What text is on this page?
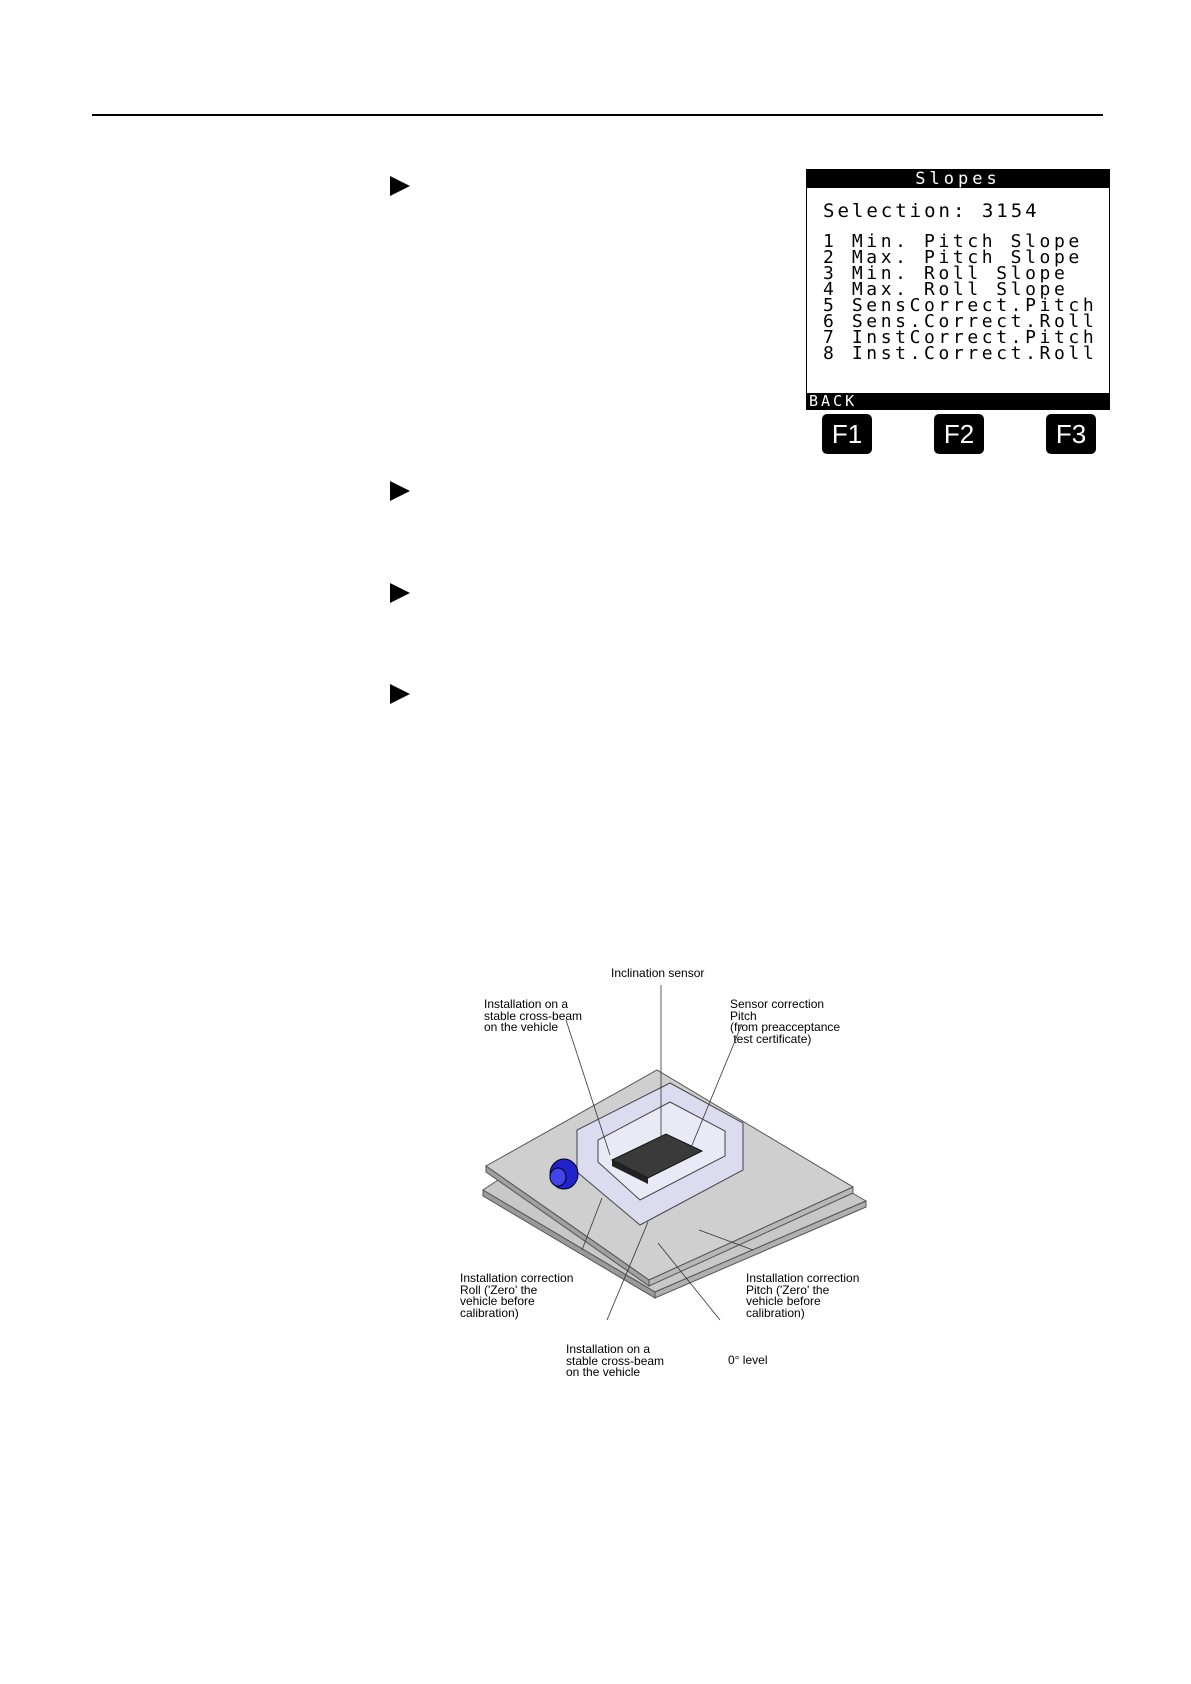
Slopes
Selection: 3154
1 Min. Pitch Slope
2 Max. Pitch Slope
3 Min. Roll Slope
4 Max. Roll Slope
5 SensCorrect.Pitch
6 Sens.Correct.Roll
7 InstCorrect.Pitch
8 Inst.Correct.Roll
BACK
F1	F2	F3
Inclination sensor
Installation on a
stable cross-beam
on the vehicle
Sensor correction
Pitch
(from preacceptance
test certificate)
Installation correction
Roll ('Zero' the
vehicle before
calibration)
Installation correction
Pitch ('Zero' the
vehicle before
calibration)
Installation on a
stable cross-beam
on the vehicle
0° level
